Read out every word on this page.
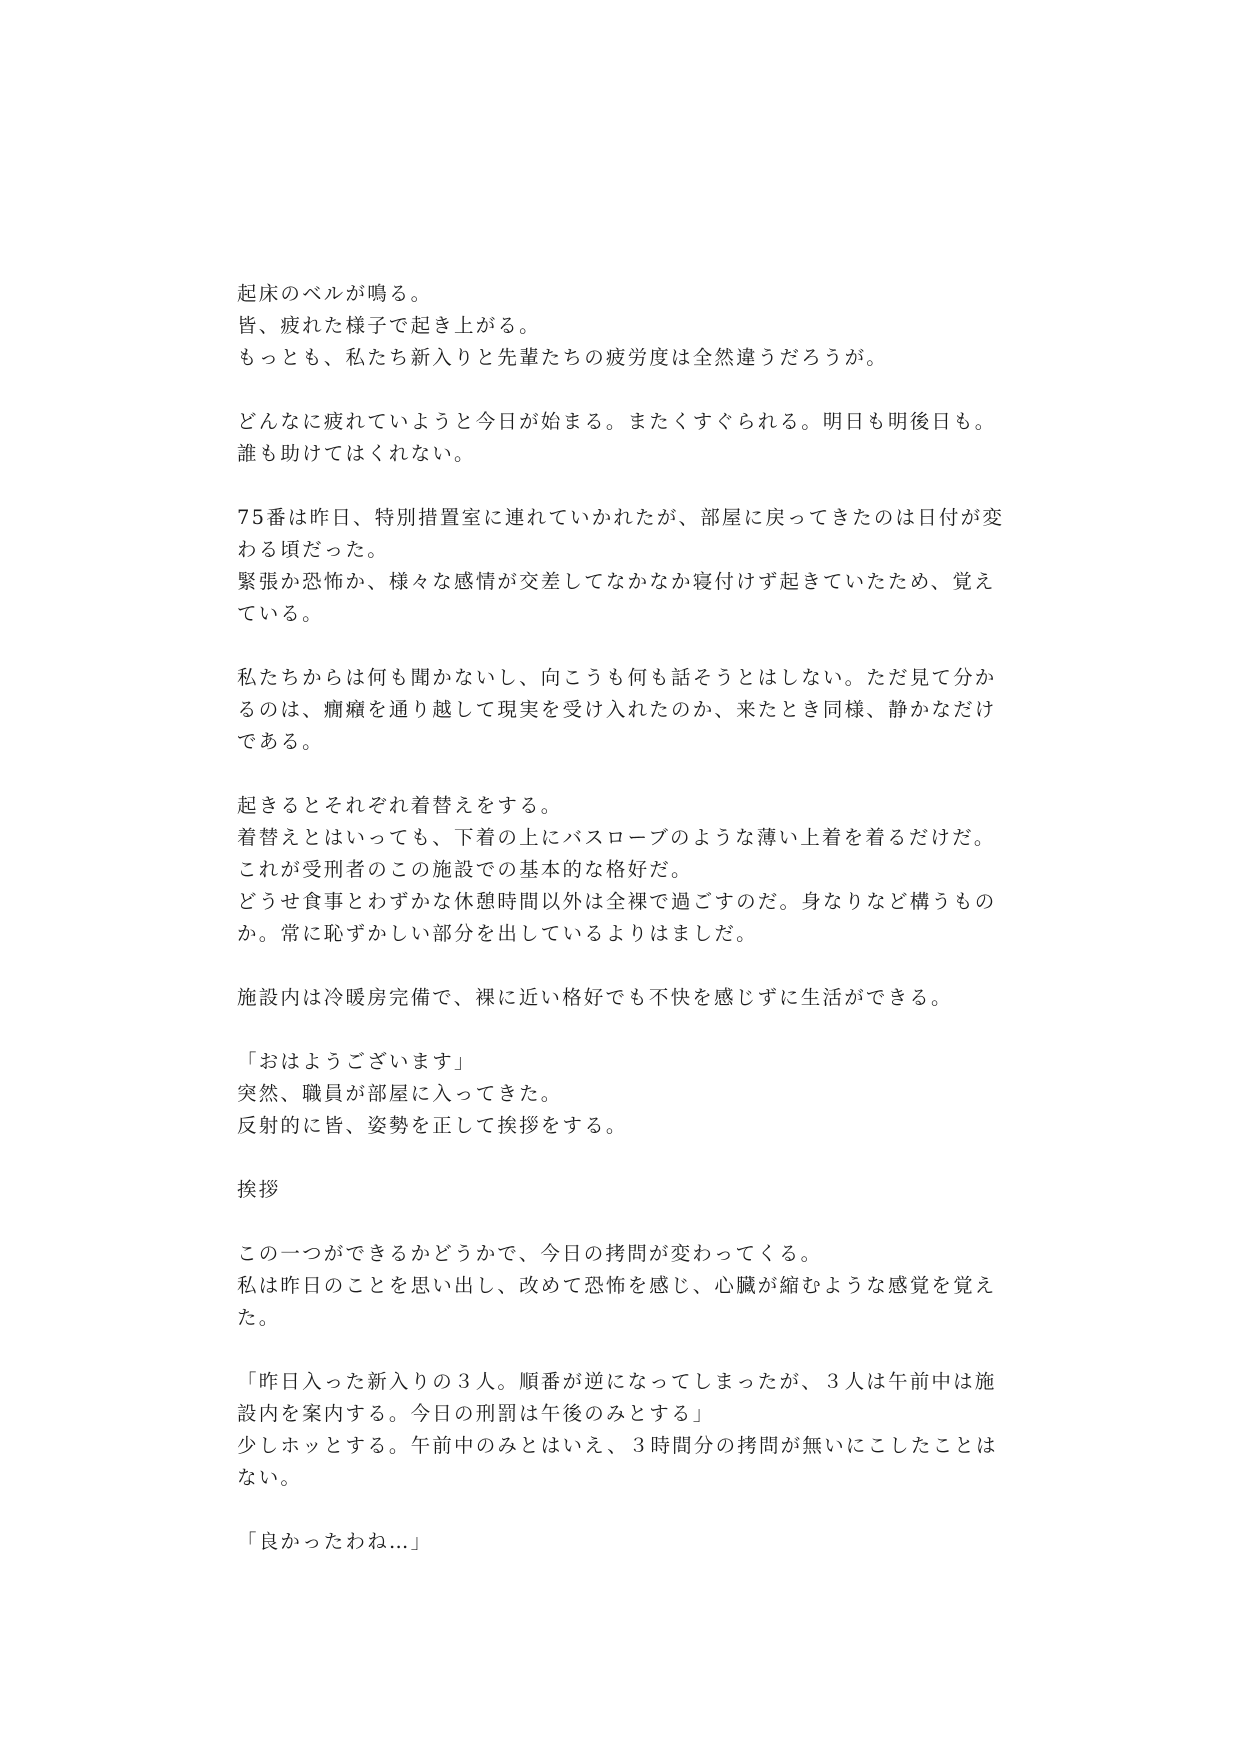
起床のベルが鳴る。
皆、疲れた様子で起き上がる。
もっとも、私たち新入りと先輩たちの疲労度は全然違うだろうが。
どんなに疲れていようと今日が始まる。またくすぐられる。明日も明後日も。
誰も助けてはくれない。
75番は昨日、特別措置室に連れていかれたが、部屋に戻ってきたのは日付が変
わる頃だった。
緊張か恐怖か、様々な感情が交差してなかなか寝付けず起きていたため、覚え
ている。
私たちからは何も聞かないし、向こうも何も話そうとはしない。ただ見て分か
るのは、癇癪を通り越して現実を受け入れたのか、来たとき同様、静かなだけ
である。
起きるとそれぞれ着替えをする。
着替えとはいっても、下着の上にバスローブのような薄い上着を着るだけだ。
これが受刑者のこの施設での基本的な格好だ。
どうせ食事とわずかな休憩時間以外は全裸で過ごすのだ。身なりなど構うもの
か。常に恥ずかしい部分を出しているよりはましだ。
施設内は冷暖房完備で、裸に近い格好でも不快を感じずに生活ができる。
「おはようございます」
突然、職員が部屋に入ってきた。
反射的に皆、姿勢を正して挨拶をする。
挨拶
この一つができるかどうかで、今日の拷問が変わってくる。
私は昨日のことを思い出し、改めて恐怖を感じ、心臓が縮むような感覚を覚え
た。
「昨日入った新入りの３人。順番が逆になってしまったが、３人は午前中は施
設内を案内する。今日の刑罰は午後のみとする」
少しホッとする。午前中のみとはいえ、３時間分の拷問が無いにこしたことは
ない。
「良かったわね…」
